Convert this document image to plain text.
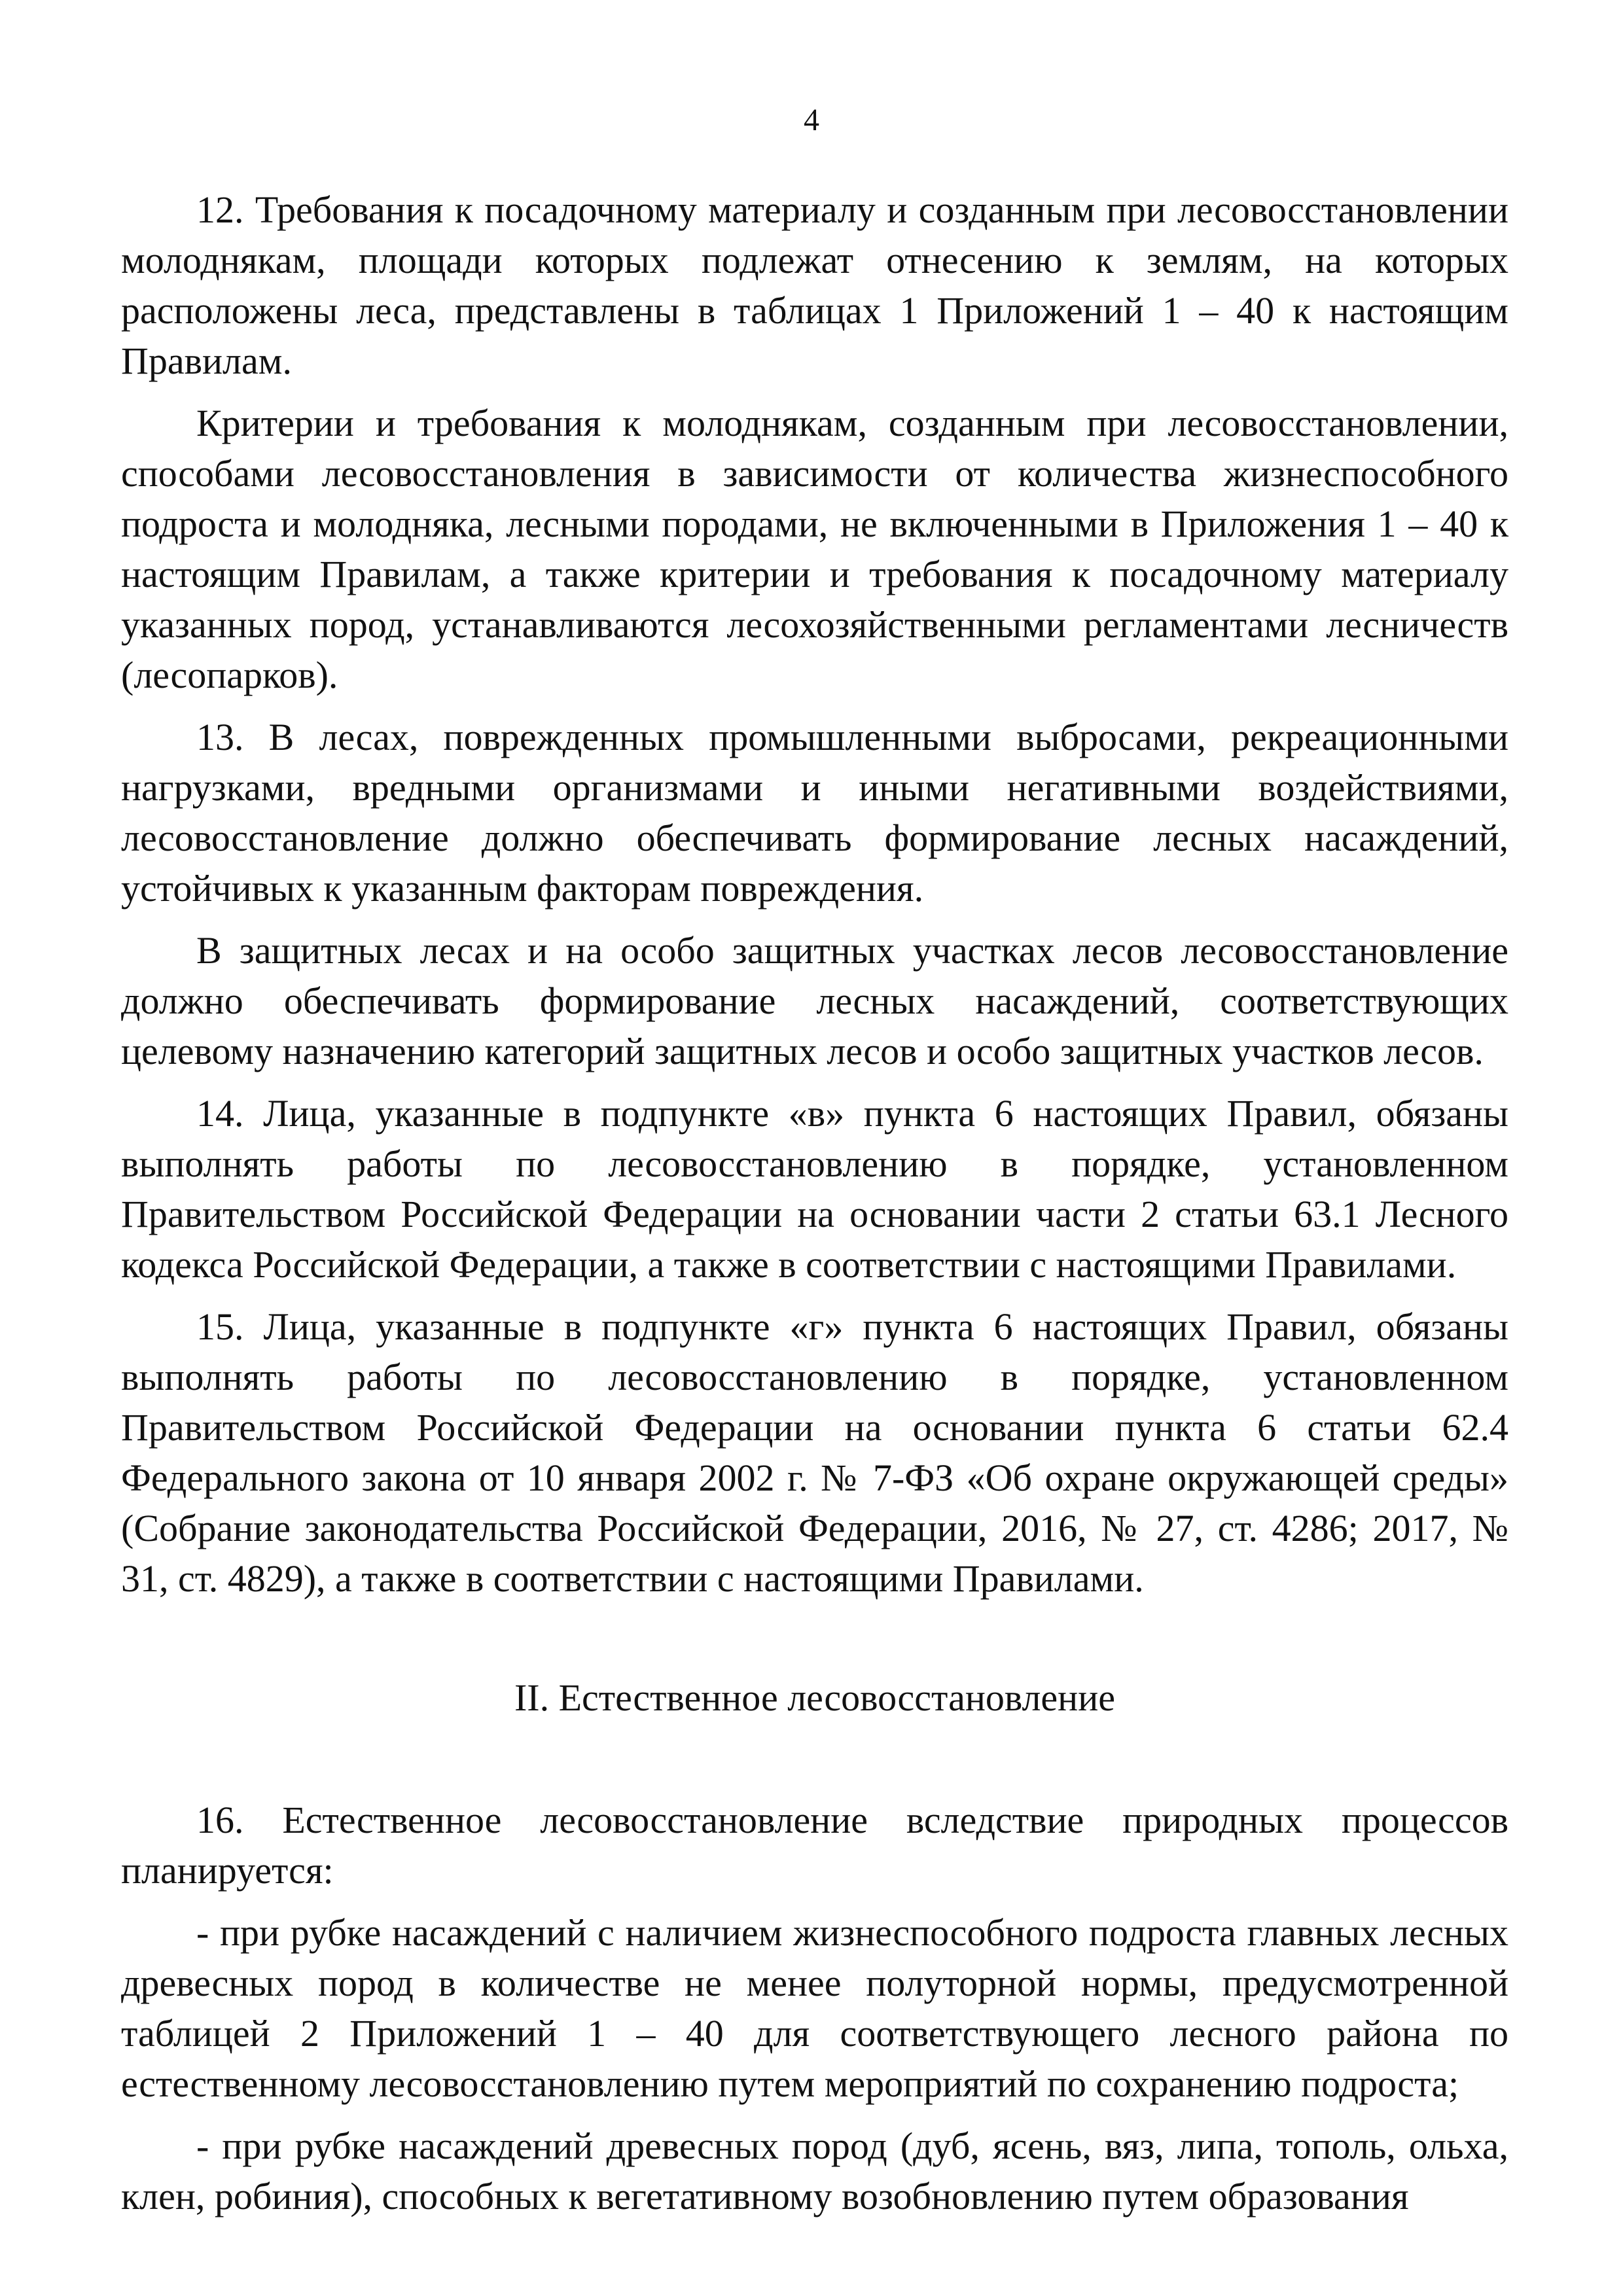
4

12. Требования к посадочному материалу и созданным при лесовосстановлении молоднякам, площади которых подлежат отнесению к землям, на которых расположены леса, представлены в таблицах 1 Приложений 1 – 40 к настоящим Правилам.

Критерии и требования к молоднякам, созданным при лесовосстановлении, способами лесовосстановления в зависимости от количества жизнеспособного подроста и молодняка, лесными породами, не включенными в Приложения 1 – 40 к настоящим Правилам, а также критерии и требования к посадочному материалу указанных пород, устанавливаются лесохозяйственными регламентами лесничеств (лесопарков).

13. В лесах, поврежденных промышленными выбросами, рекреационными нагрузками, вредными организмами и иными негативными воздействиями, лесовосстановление должно обеспечивать формирование лесных насаждений, устойчивых к указанным факторам повреждения.

В защитных лесах и на особо защитных участках лесов лесовосстановление должно обеспечивать формирование лесных насаждений, соответствующих целевому назначению категорий защитных лесов и особо защитных участков лесов.

14. Лица, указанные в подпункте «в» пункта 6 настоящих Правил, обязаны выполнять работы по лесовосстановлению в порядке, установленном Правительством Российской Федерации на основании части 2 статьи 63.1 Лесного кодекса Российской Федерации, а также в соответствии с настоящими Правилами.

15. Лица, указанные в подпункте «г» пункта 6 настоящих Правил, обязаны выполнять работы по лесовосстановлению в порядке, установленном Правительством Российской Федерации на основании пункта 6 статьи 62.4 Федерального закона от 10 января 2002 г. № 7-ФЗ «Об охране окружающей среды» (Собрание законодательства Российской Федерации, 2016, № 27, ст. 4286; 2017, № 31, ст. 4829), а также в соответствии с настоящими Правилами.

II. Естественное лесовосстановление

16. Естественное лесовосстановление вследствие природных процессов планируется:

- при рубке насаждений с наличием жизнеспособного подроста главных лесных древесных пород в количестве не менее полуторной нормы, предусмотренной таблицей 2 Приложений 1 – 40 для соответствующего лесного района по естественному лесовосстановлению путем мероприятий по сохранению подроста;

- при рубке насаждений древесных пород (дуб, ясень, вяз, липа, тополь, ольха, клен, робиния), способных к вегетативному возобновлению путем образования
